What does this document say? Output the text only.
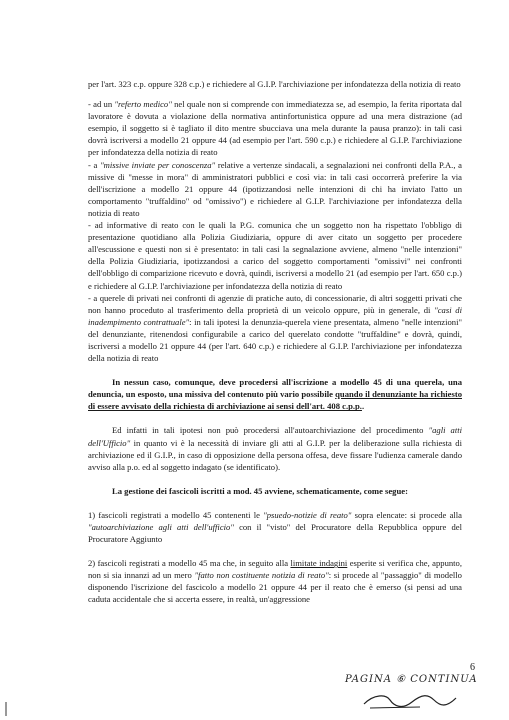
per l'art. 323 c.p. oppure 328 c.p.) e richiedere al G.I.P. l'archiviazione per infondatezza della notizia di reato

- ad un "referto medico" nel quale non si comprende con immediatezza se, ad esempio, la ferita riportata dal lavoratore è dovuta a violazione della normativa antinfortunistica oppure ad una mera distrazione (ad esempio, il soggetto si è tagliato il dito mentre sbucciava una mela durante la pausa pranzo): in tali casi dovrà iscriversi a modello 21 oppure 44 (ad esempio per l'art. 590 c.p.) e richiedere al G.I.P. l'archiviazione per infondatezza della notizia di reato

- a "missive inviate per conoscenza" relative a vertenze sindacali, a segnalazioni nei confronti della P.A., a missive di "messe in mora" di amministratori pubblici e così via: in tali casi occorrerà preferire la via dell'iscrizione a modello 21 oppure 44 (ipotizzandosi nelle intenzioni di chi ha inviato l'atto un comportamento "truffaldino" od "omissivo") e richiedere al G.I.P. l'archiviazione per infondatezza della notizia di reato

- ad informative di reato con le quali la P.G. comunica che un soggetto non ha rispettato l'obbligo di presentazione quotidiano alla Polizia Giudiziaria, oppure di aver citato un soggetto per procedere all'escussione e questi non si è presentato: in tali casi la segnalazione avviene, almeno "nelle intenzioni" della Polizia Giudiziaria, ipotizzandosi a carico del soggetto comportamenti "omissivi" nei confronti dell'obbligo di comparizione ricevuto e dovrà, quindi, iscriversi a modello 21 (ad esempio per l'art. 650 c.p.) e richiedere al G.I.P. l'archiviazione per infondatezza della notizia di reato

- a querele di privati nei confronti di agenzie di pratiche auto, di concessionarie, di altri soggetti privati che non hanno proceduto al trasferimento della proprietà di un veicolo oppure, più in generale, di "casi di inadempimento contrattuale": in tali ipotesi la denunzia-querela viene presentata, almeno "nelle intenzioni" del denunziante, ritenendosi configurabile a carico del querelato condotte "truffaldine" e dovrà, quindi, iscriversi a modello 21 oppure 44 (per l'art. 640 c.p.) e richiedere al G.I.P. l'archiviazione per infondatezza della notizia di reato

In nessun caso, comunque, deve procedersi all'iscrizione a modello 45 di una querela, una denuncia, un esposto, una missiva del contenuto più vario possibile quando il denunziante ha richiesto di essere avvisato della richiesta di archiviazione ai sensi dell'art. 408 c.p.p..

Ed infatti in tali ipotesi non può procedersi all'autoarchiviazione del procedimento "agli atti dell'Ufficio" in quanto vi è la necessità di inviare gli atti al G.I.P. per la deliberazione sulla richiesta di archiviazione ed il G.I.P., in caso di opposizione della persona offesa, deve fissare l'udienza camerale dando avviso alla p.o. ed al soggetto indagato (se identificato).

La gestione dei fascicoli iscritti a mod. 45 avviene, schematicamente, come segue:

1) fascicoli registrati a modello 45 contenenti le "psuedo-notizie di reato" sopra elencate: si procede alla "autoarchiviazione agli atti dell'ufficio" con il "visto" del Procuratore della Repubblica oppure del Procuratore Aggiunto

2) fascicoli registrati a modello 45 ma che, in seguito alla limitate indagini esperite si verifica che, appunto, non si sia innanzi ad un mero "fatto non costituente notizia di reato": si procede al "passaggio" di modello disponendo l'iscrizione del fascicolo a modello 21 oppure 44 per il reato che è emerso (si pensi ad una caduta accidentale che si accerta essere, in realtà, un'aggressione

6
PAGINA ⑥ CONTINUA
